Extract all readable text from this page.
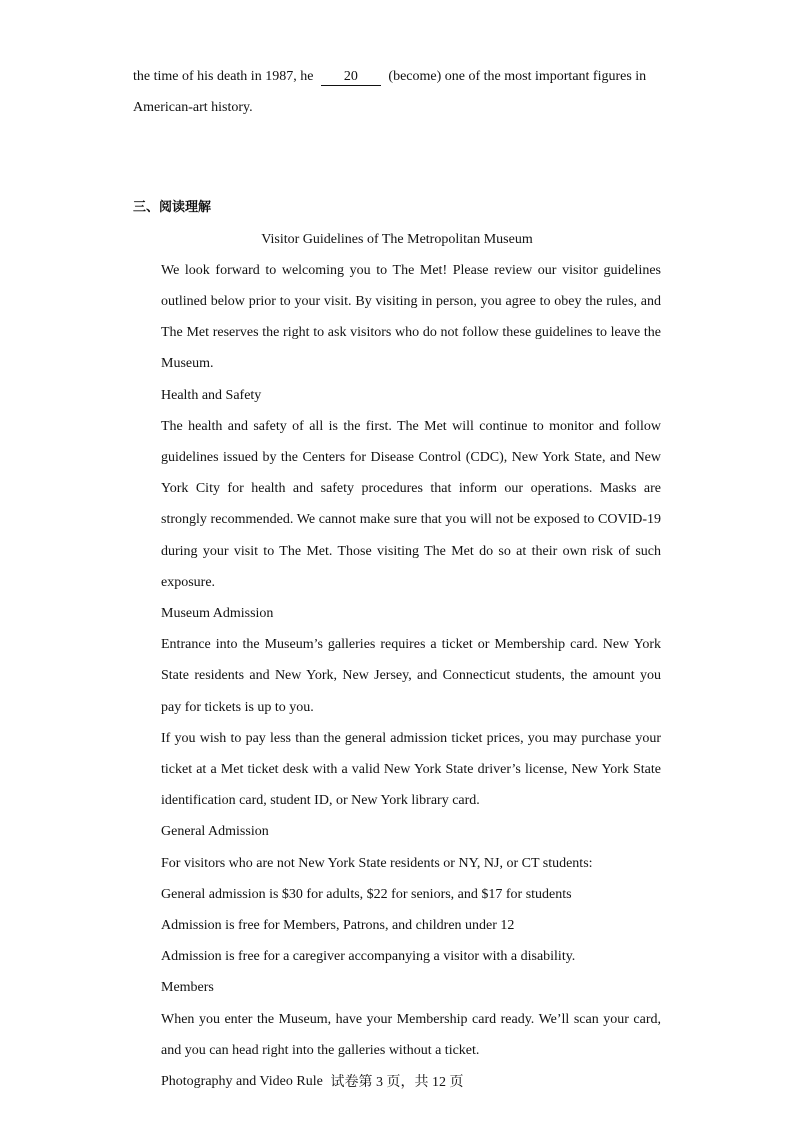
the time of his death in 1987, he 20 (become) one of the most important figures in

American-art history.

三、阅读理解

Visitor Guidelines of The Metropolitan Museum

We look forward to welcoming you to The Met! Please review our visitor guidelines outlined below prior to your visit. By visiting in person, you agree to obey the rules, and The Met reserves the right to ask visitors who do not follow these guidelines to leave the Museum.

Health and Safety

The health and safety of all is the first. The Met will continue to monitor and follow guidelines issued by the Centers for Disease Control (CDC), New York State, and New York City for health and safety procedures that inform our operations. Masks are strongly recommended. We cannot make sure that you will not be exposed to COVID-19 during your visit to The Met. Those visiting The Met do so at their own risk of such exposure.

Museum Admission

Entrance into the Museum’s galleries requires a ticket or Membership card. New York State residents and New York, New Jersey, and Connecticut students, the amount you pay for tickets is up to you.

If you wish to pay less than the general admission ticket prices, you may purchase your ticket at a Met ticket desk with a valid New York State driver’s license, New York State identification card, student ID, or New York library card.

General Admission

For visitors who are not New York State residents or NY, NJ, or CT students:

General admission is $30 for adults, $22 for seniors, and $17 for students

Admission is free for Members, Patrons, and children under 12

Admission is free for a caregiver accompanying a visitor with a disability.

Members

When you enter the Museum, have your Membership card ready. We’ll scan your card, and you can head right into the galleries without a ticket.

Photography and Video Rule 试卷第 3 页，共 12 页
